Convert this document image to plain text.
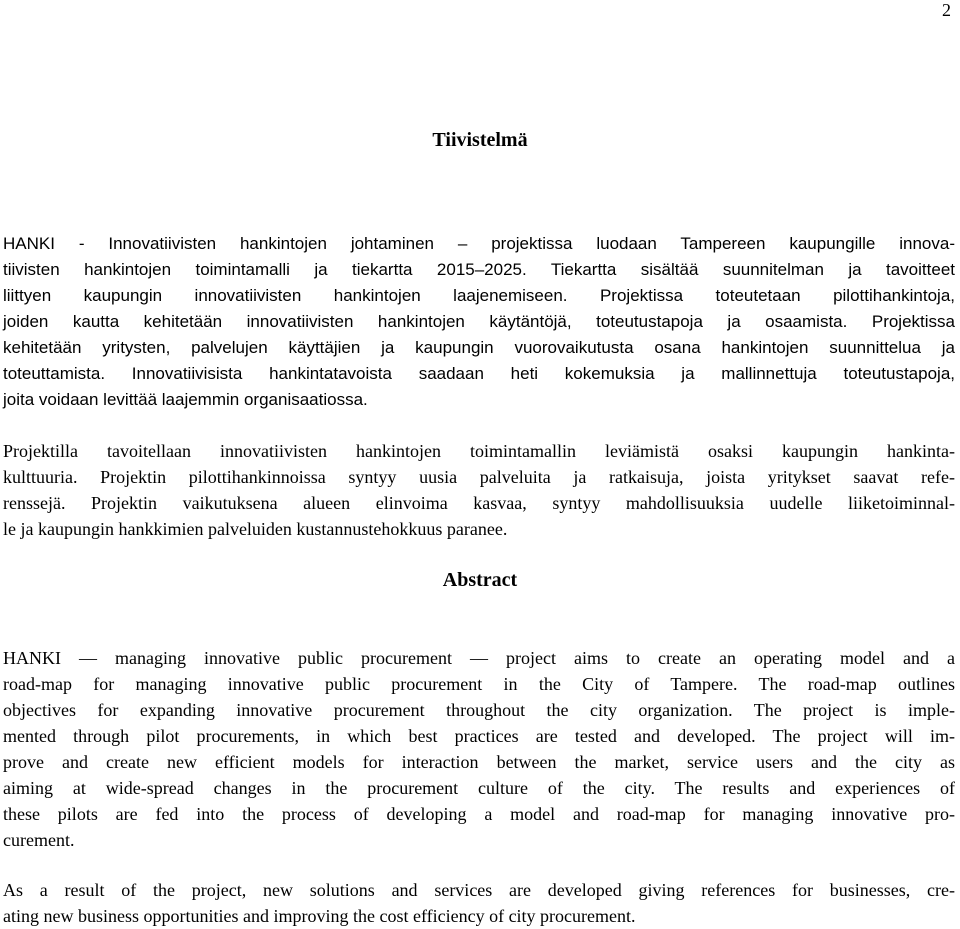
2
Tiivistelmä

HANKI - Innovatiivisten hankintojen johtaminen – projektissa luodaan Tampereen kaupungille innova-
tiivisten hankintojen toimintamalli ja tiekartta 2015–2025. Tiekartta sisältää suunnitelman ja tavoitteet
liittyen kaupungin innovatiivisten hankintojen laajenemiseen. Projektissa toteutetaan pilottihankintoja,
joiden kautta kehitetään innovatiivisten hankintojen käytäntöjä, toteutustapoja ja osaamista. Projektissa
kehitetään yritysten, palvelujen käyttäjien ja kaupungin vuorovaikutusta osana hankintojen suunnittelua ja
toteuttamista. Innovatiivisista hankintatavoista saadaan heti kokemuksia ja mallinnettuja toteutustapoja,
joita voidaan levittää laajemmin organisaatiossa.

Projektilla tavoitellaan innovatiivisten hankintojen toimintamallin leviämistä osaksi kaupungin hankinta-
kulttuuria. Projektin pilottihankinnoissa syntyy uusia palveluita ja ratkaisuja, joista yritykset saavat refe-
renssejä. Projektin vaikutuksena alueen elinvoima kasvaa, syntyy mahdollisuuksia uudelle liiketoiminnal-
le ja kaupungin hankkimien palveluiden kustannustehokkuus paranee.

Abstract

HANKI — managing innovative public procurement — project aims to create an operating model and a
road-map for managing innovative public procurement in the City of Tampere. The road-map outlines
objectives for expanding innovative procurement throughout the city organization. The project is imple-
mented through pilot procurements, in which best practices are tested and developed. The project will im-
prove and create new efficient models for interaction between the market, service users and the city as
aiming at wide-spread changes in the procurement culture of the city. The results and experiences of
these pilots are fed into the process of developing a model and road-map for managing innovative pro-
curement.

As a result of the project, new solutions and services are developed giving references for businesses, cre-
ating new business opportunities and improving the cost efficiency of city procurement.
